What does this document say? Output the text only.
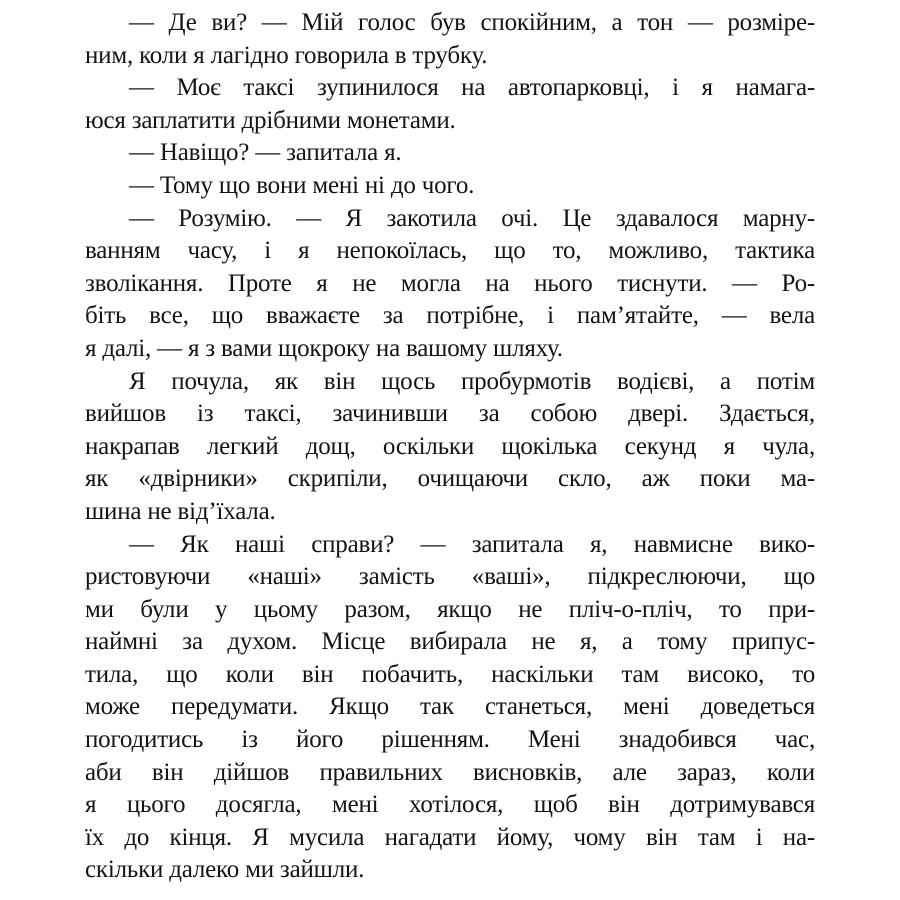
— Де ви? — Мій голос був спокійним, а тон — розміре-
ним, коли я лагідно говорила в трубку.
— Моє таксі зупинилося на автопарковці, і я намага-
юся заплатити дрібними монетами.
— Навіщо? — запитала я.
— Тому що вони мені ні до чого.
— Розумію. — Я закотила очі. Це здавалося марну-
ванням часу, і я непокоїлась, що то, можливо, тактика
зволікання. Проте я не могла на нього тиснути. — Ро-
біть все, що вважаєте за потрібне, і пам’ятайте, — вела
я далі, — я з вами щокроку на вашому шляху.
Я почула, як він щось пробурмотів водієві, а потім
вийшов із таксі, зачинивши за собою двері. Здається,
накрапав легкий дощ, оскільки щокілька секунд я чула,
як «двірники» скрипіли, очищаючи скло, аж поки ма-
шина не від’їхала.
— Як наші справи? — запитала я, навмисне вико-
ристовуючи «наші» замість «ваші», підкреслюючи, що
ми були у цьому разом, якщо не пліч-о-пліч, то при-
наймні за духом. Місце вибирала не я, а тому припус-
тила, що коли він побачить, наскільки там високо, то
може передумати. Якщо так станеться, мені доведеться
погодитись із його рішенням. Мені знадобився час,
аби він дійшов правильних висновків, але зараз, коли
я цього досягла, мені хотілося, щоб він дотримувався
їх до кінця. Я мусила нагадати йому, чому він там і на-
скільки далеко ми зайшли.
